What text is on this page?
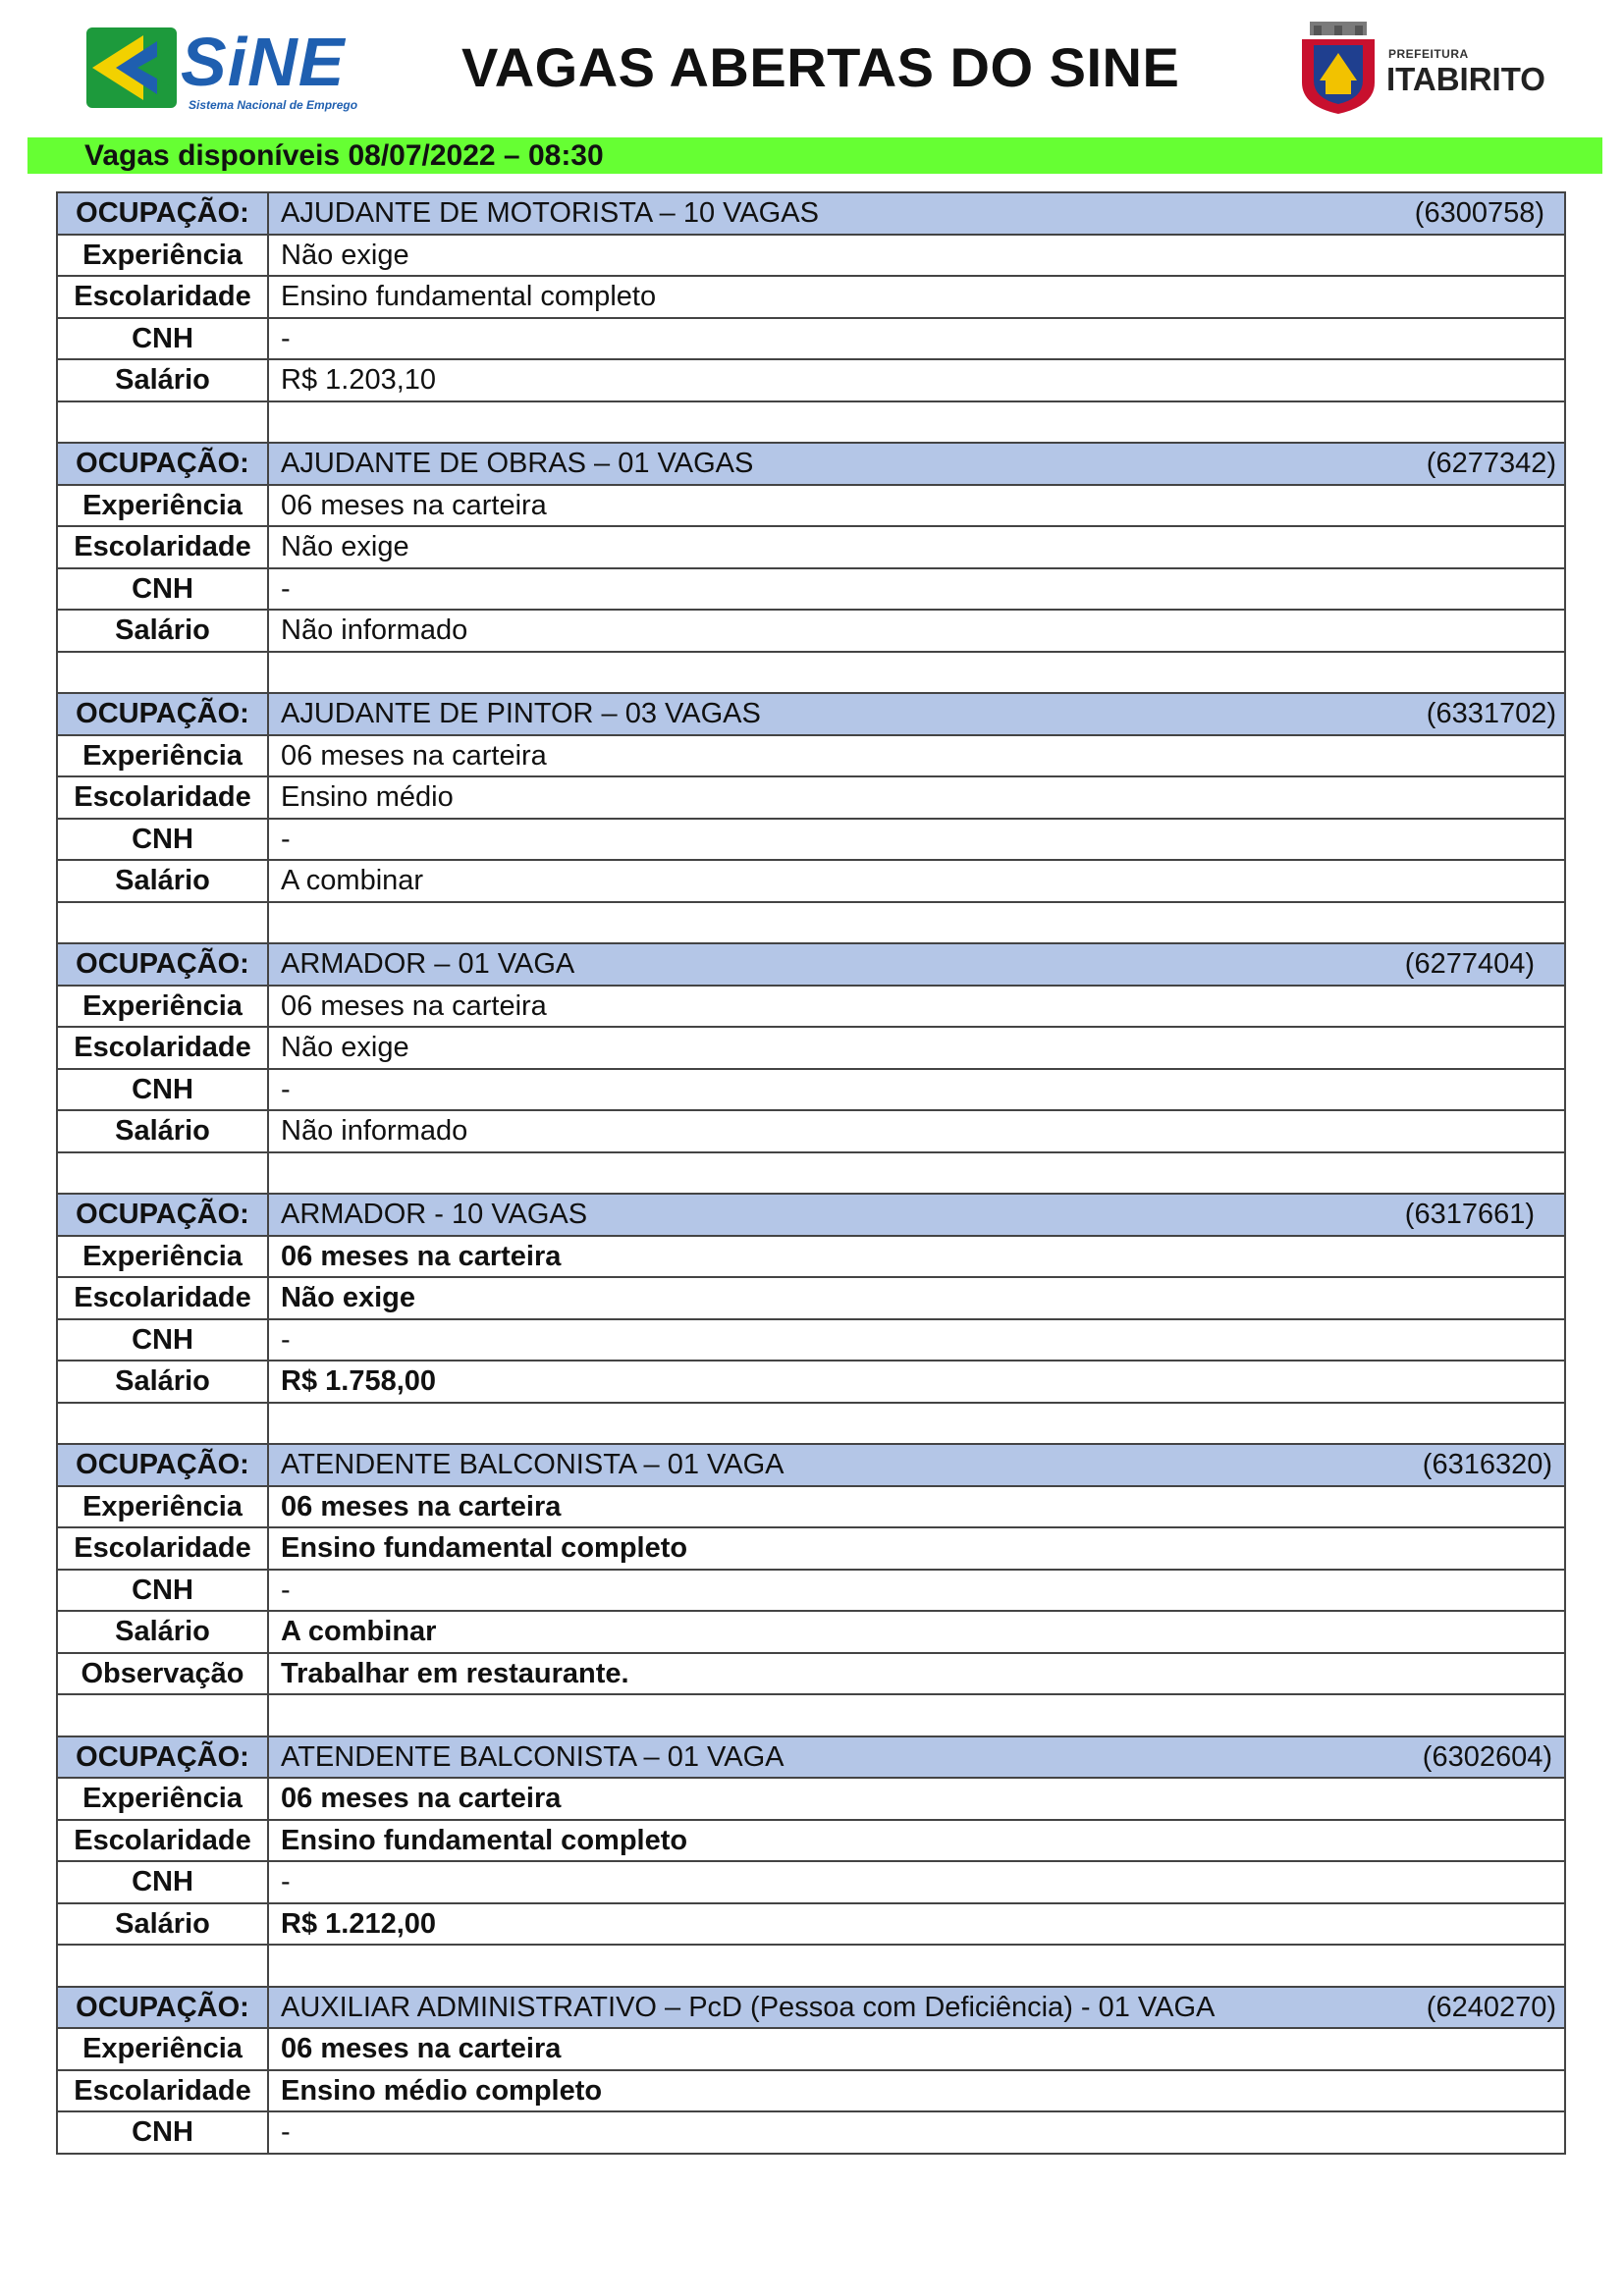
SiNE
Sistema Nacional de Emprego
VAGAS ABERTAS DO SINE	PREFEITURA
ITABIRITO
Vagas disponíveis 08/07/2022 – 08:30
OCUPAÇÃO:	AJUDANTE DE MOTORISTA – 10 VAGAS (6300758)

Experiência	Não exige
Escolaridade	Ensino fundamental completo
CNH	-
Salário	R$ 1.203,10

OCUPAÇÃO:	AJUDANTE DE OBRAS – 01 VAGAS (6277342)

Experiência	06 meses na carteira
Escolaridade	Não exige
CNH	-
Salário	Não informado

OCUPAÇÃO:	AJUDANTE DE PINTOR – 03 VAGAS (6331702)

Experiência	06 meses na carteira
Escolaridade	Ensino médio
CNH	-
Salário	A combinar

OCUPAÇÃO:	ARMADOR – 01 VAGA (6277404)

Experiência	06 meses na carteira
Escolaridade	Não exige
CNH	-
Salário	Não informado

OCUPAÇÃO:	ARMADOR - 10 VAGAS (6317661)

Experiência	06 meses na carteira
Escolaridade	Não exige
CNH	-
Salário	R$ 1.758,00

OCUPAÇÃO:	ATENDENTE BALCONISTA – 01 VAGA (6316320)

Experiência	06 meses na carteira
Escolaridade	Ensino fundamental completo
CNH	-
Salário	A combinar
Observação	Trabalhar em restaurante.

OCUPAÇÃO:	ATENDENTE BALCONISTA – 01 VAGA (6302604)

Experiência	06 meses na carteira
Escolaridade	Ensino fundamental completo
CNH	-
Salário	R$ 1.212,00

OCUPAÇÃO:	AUXILIAR ADMINISTRATIVO – PcD (Pessoa com Deficiência) - 01 VAGA (6240270)

Experiência	06 meses na carteira
Escolaridade	Ensino médio completo
CNH	-
